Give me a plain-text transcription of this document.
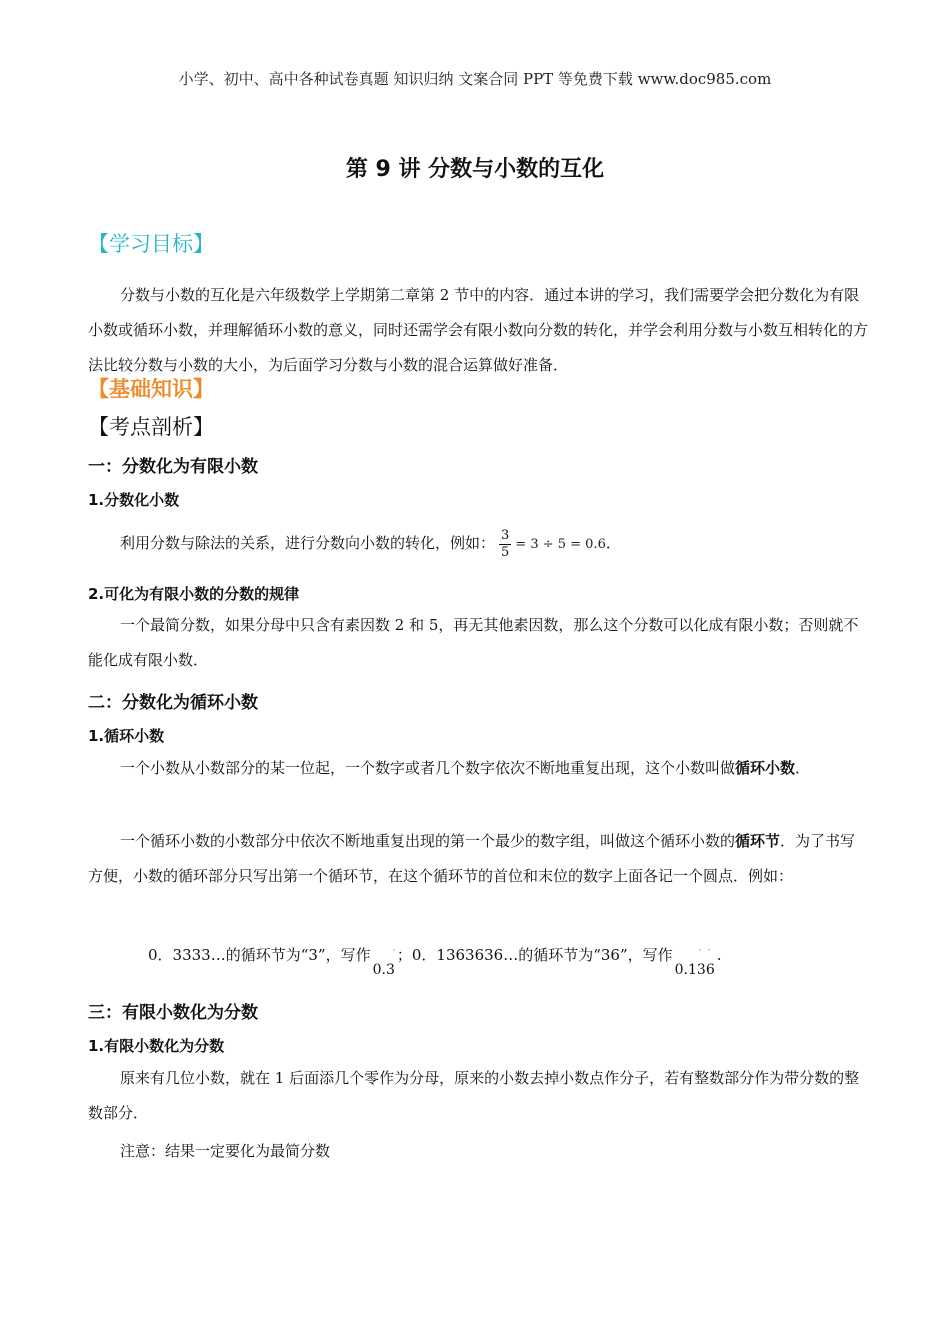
小学、初中、高中各种试卷真题 知识归纳 文案合同 PPT 等免费下载 www.doc985.com
第 9 讲 分数与小数的互化
【学习目标】
分数与小数的互化是六年级数学上学期第二章第 2 节中的内容．通过本讲的学习，我们需要学会把分数化为有限小数或循环小数，并理解循环小数的意义，同时还需学会有限小数向分数的转化，并学会利用分数与小数互相转化的方法比较分数与小数的大小，为后面学习分数与小数的混合运算做好准备．
【基础知识】
【考点剖析】
一：分数化为有限小数
1.分数化小数
利用分数与除法的关系，进行分数向小数的转化，例如： $\frac{3}{5} = 3 \div 5 = 0.6$．
2.可化为有限小数的分数的规律
一个最简分数，如果分母中只含有素因数 2 和 5，再无其他素因数，那么这个分数可以化成有限小数；否则就不能化成有限小数．
二：分数化为循环小数
1.循环小数
一个小数从小数部分的某一位起，一个数字或者几个数字依次不断地重复出现，这个小数叫做循环小数．
一个循环小数的小数部分中依次不断地重复出现的第一个最少的数字组，叫做这个循环小数的循环节．为了书写方便，小数的循环部分只写出第一个循环节，在这个循环节的首位和末位的数字上面各记一个圆点．例如：
0．3333…的循环节为“3”，写作 ·
0.3；0．1363636…的循环节为“36”，写作	· ·
0.136.
三：有限小数化为分数
1.有限小数化为分数
原来有几位小数，就在 1 后面添几个零作为分母，原来的小数去掉小数点作分子，若有整数部分作为带分数的整数部分．
注意：结果一定要化为最简分数
